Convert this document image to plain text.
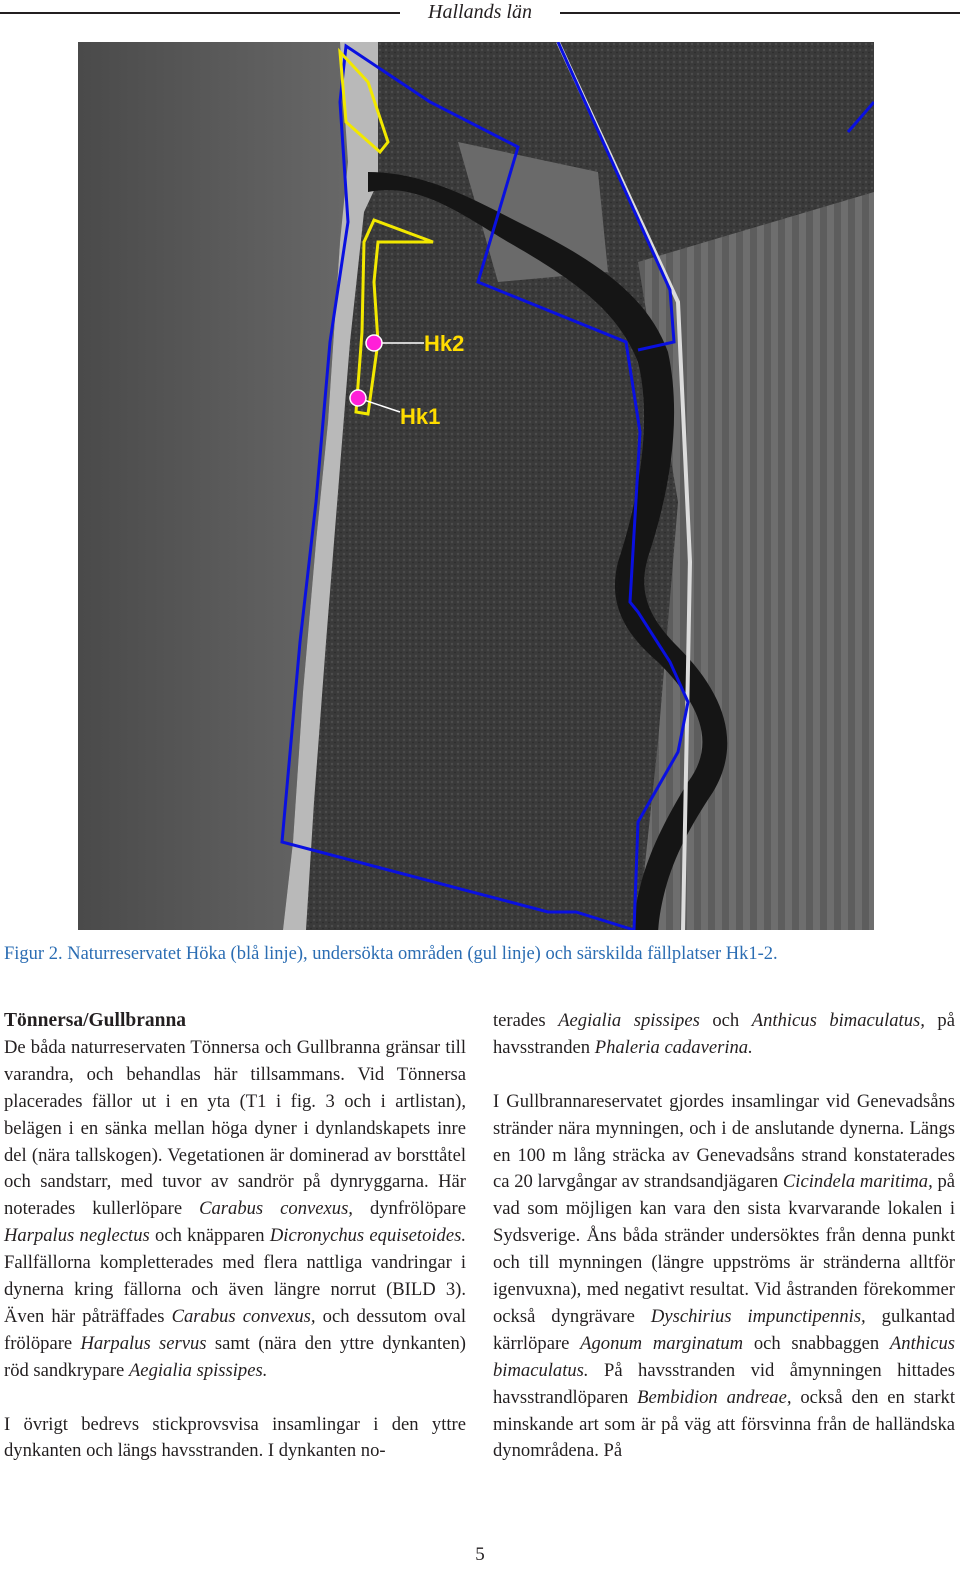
Hallands län
Hk2
Hk1
Figur 2. Naturreservatet Höka (blå linje), undersökta områden (gul linje) och särskilda fällplatser Hk1-2.
Tönnersa/Gullbranna

De båda naturreservaten Tönnersa och Gullbranna gränsar till varandra, och behandlas här tillsammans. Vid Tönnersa placerades fällor ut i en yta (T1 i fig. 3 och i artlistan), belägen i en sänka mellan höga dyner i dynlandskapets inre del (nära tallskogen). Vegetationen är dominerad av borsttåtel och sandstarr, med tuvor av sandrör på dynryggarna. Här noterades kullerlöpare Carabus convexus, dynfrölöpare Harpalus neglectus och knäpparen Dicronychus equisetoides. Fallfällorna kompletterades med flera nattliga vandringar i dynerna kring fällorna och även längre norrut (BILD 3). Även här påträffades Carabus convexus, och dessutom oval frölöpare Harpalus servus samt (nära den yttre dynkanten) röd sandkrypare Aegialia spissipes.

I övrigt bedrevs stickprovsvisa insamlingar i den yttre dynkanten och längs havsstranden. I dynkanten no-

terades Aegialia spissipes och Anthicus bimaculatus, på havsstranden Phaleria cadaverina.

I Gullbrannareservatet gjordes insamlingar vid Genevadsåns stränder nära mynningen, och i de anslutande dynerna. Längs en 100 m lång sträcka av Genevadsåns strand konstaterades ca 20 larvgångar av strandsandjägaren Cicindela maritima, på vad som möjligen kan vara den sista kvarvarande lokalen i Sydsverige. Åns båda stränder undersöktes från denna punkt och till mynningen (längre uppströms är stränderna alltför igenvuxna), med negativt resultat. Vid åstranden förekommer också dyngrävare Dyschirius impunctipennis, gulkantad kärrlöpare Agonum marginatum och snabbaggen Anthicus bimaculatus. På havsstranden vid åmynningen hittades havsstrandlöparen Bembidion andreae, också den en starkt minskande art som är på väg att försvinna från de halländska dynområdena. På

5
